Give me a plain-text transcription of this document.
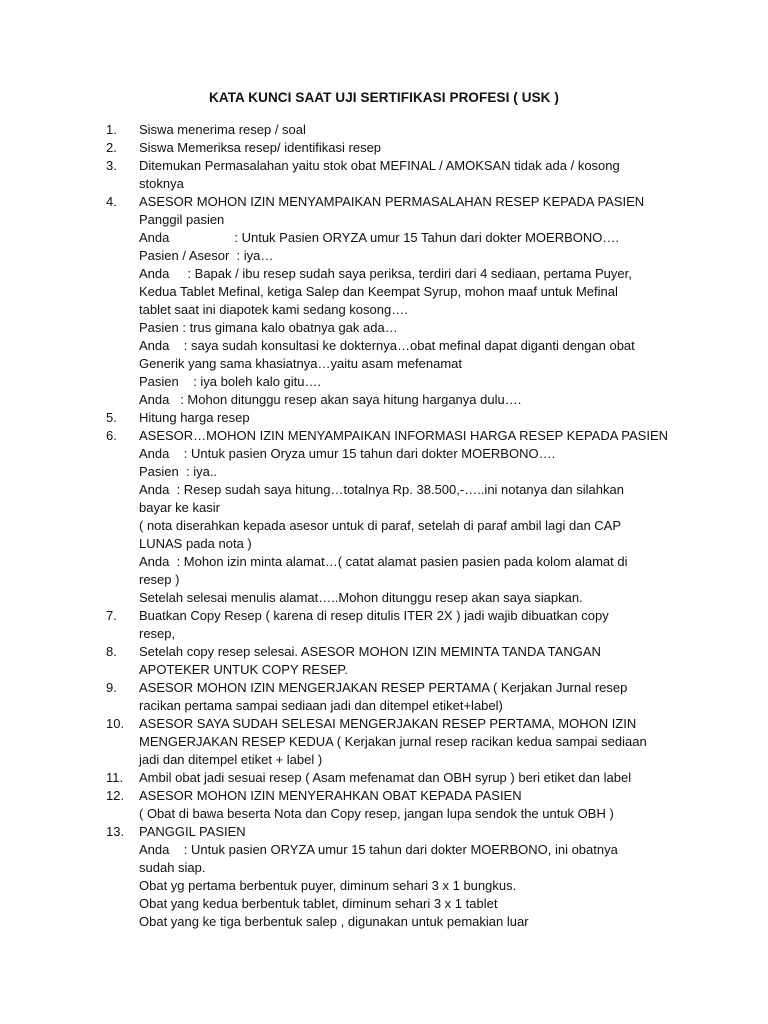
KATA KUNCI SAAT UJI SERTIFIKASI PROFESI ( USK )
1.	Siswa menerima resep / soal
2.	Siswa Memeriksa resep/ identifikasi resep
3.	Ditemukan Permasalahan yaitu stok obat MEFINAL / AMOKSAN tidak ada / kosong
stoknya
4.	ASESOR MOHON IZIN MENYAMPAIKAN PERMASALAHAN RESEP KEPADA PASIEN
Panggil pasien
Anda                  : Untuk Pasien ORYZA umur 15 Tahun dari dokter MOERBONO….
Pasien / Asesor  : iya…
Anda     : Bapak / ibu resep sudah saya periksa, terdiri dari 4 sediaan, pertama Puyer,
Kedua Tablet Mefinal, ketiga Salep dan Keempat Syrup, mohon maaf untuk Mefinal
tablet saat ini diapotek kami sedang kosong….
Pasien : trus gimana kalo obatnya gak ada…
Anda    : saya sudah konsultasi ke dokternya…obat mefinal dapat diganti dengan obat
Generik yang sama khasiatnya…yaitu asam mefenamat
Pasien    : iya boleh kalo gitu….
Anda   : Mohon ditunggu resep akan saya hitung harganya dulu….
5.	Hitung harga resep
6.	ASESOR…MOHON IZIN MENYAMPAIKAN INFORMASI HARGA RESEP KEPADA PASIEN
Anda    : Untuk pasien Oryza umur 15 tahun dari dokter MOERBONO….
Pasien  : iya..
Anda  : Resep sudah saya hitung…totalnya Rp. 38.500,-…..ini notanya dan silahkan
bayar ke kasir
( nota diserahkan kepada asesor untuk di paraf, setelah di paraf ambil lagi dan CAP
LUNAS pada nota )
Anda  : Mohon izin minta alamat…( catat alamat pasien pasien pada kolom alamat di
resep )
Setelah selesai menulis alamat…..Mohon ditunggu resep akan saya siapkan.
7.	Buatkan Copy Resep ( karena di resep ditulis ITER 2X ) jadi wajib dibuatkan copy
resep,
8.	Setelah copy resep selesai. ASESOR MOHON IZIN MEMINTA TANDA TANGAN
APOTEKER UNTUK COPY RESEP.
9.	ASESOR MOHON IZIN MENGERJAKAN RESEP PERTAMA ( Kerjakan Jurnal resep
racikan pertama sampai sediaan jadi dan ditempel etiket+label)
10.	ASESOR SAYA SUDAH SELESAI MENGERJAKAN RESEP PERTAMA, MOHON IZIN
MENGERJAKAN RESEP KEDUA ( Kerjakan jurnal resep racikan kedua sampai sediaan
jadi dan ditempel etiket + label )
11.	Ambil obat jadi sesuai resep ( Asam mefenamat dan OBH syrup ) beri etiket dan label
12.	ASESOR MOHON IZIN MENYERAHKAN OBAT KEPADA PASIEN
( Obat di bawa beserta Nota dan Copy resep, jangan lupa sendok the untuk OBH )
13.	PANGGIL PASIEN
Anda    : Untuk pasien ORYZA umur 15 tahun dari dokter MOERBONO, ini obatnya
sudah siap.
Obat yg pertama berbentuk puyer, diminum sehari 3 x 1 bungkus.
Obat yang kedua berbentuk tablet, diminum sehari 3 x 1 tablet
Obat yang ke tiga berbentuk salep , digunakan untuk pemakian luar
